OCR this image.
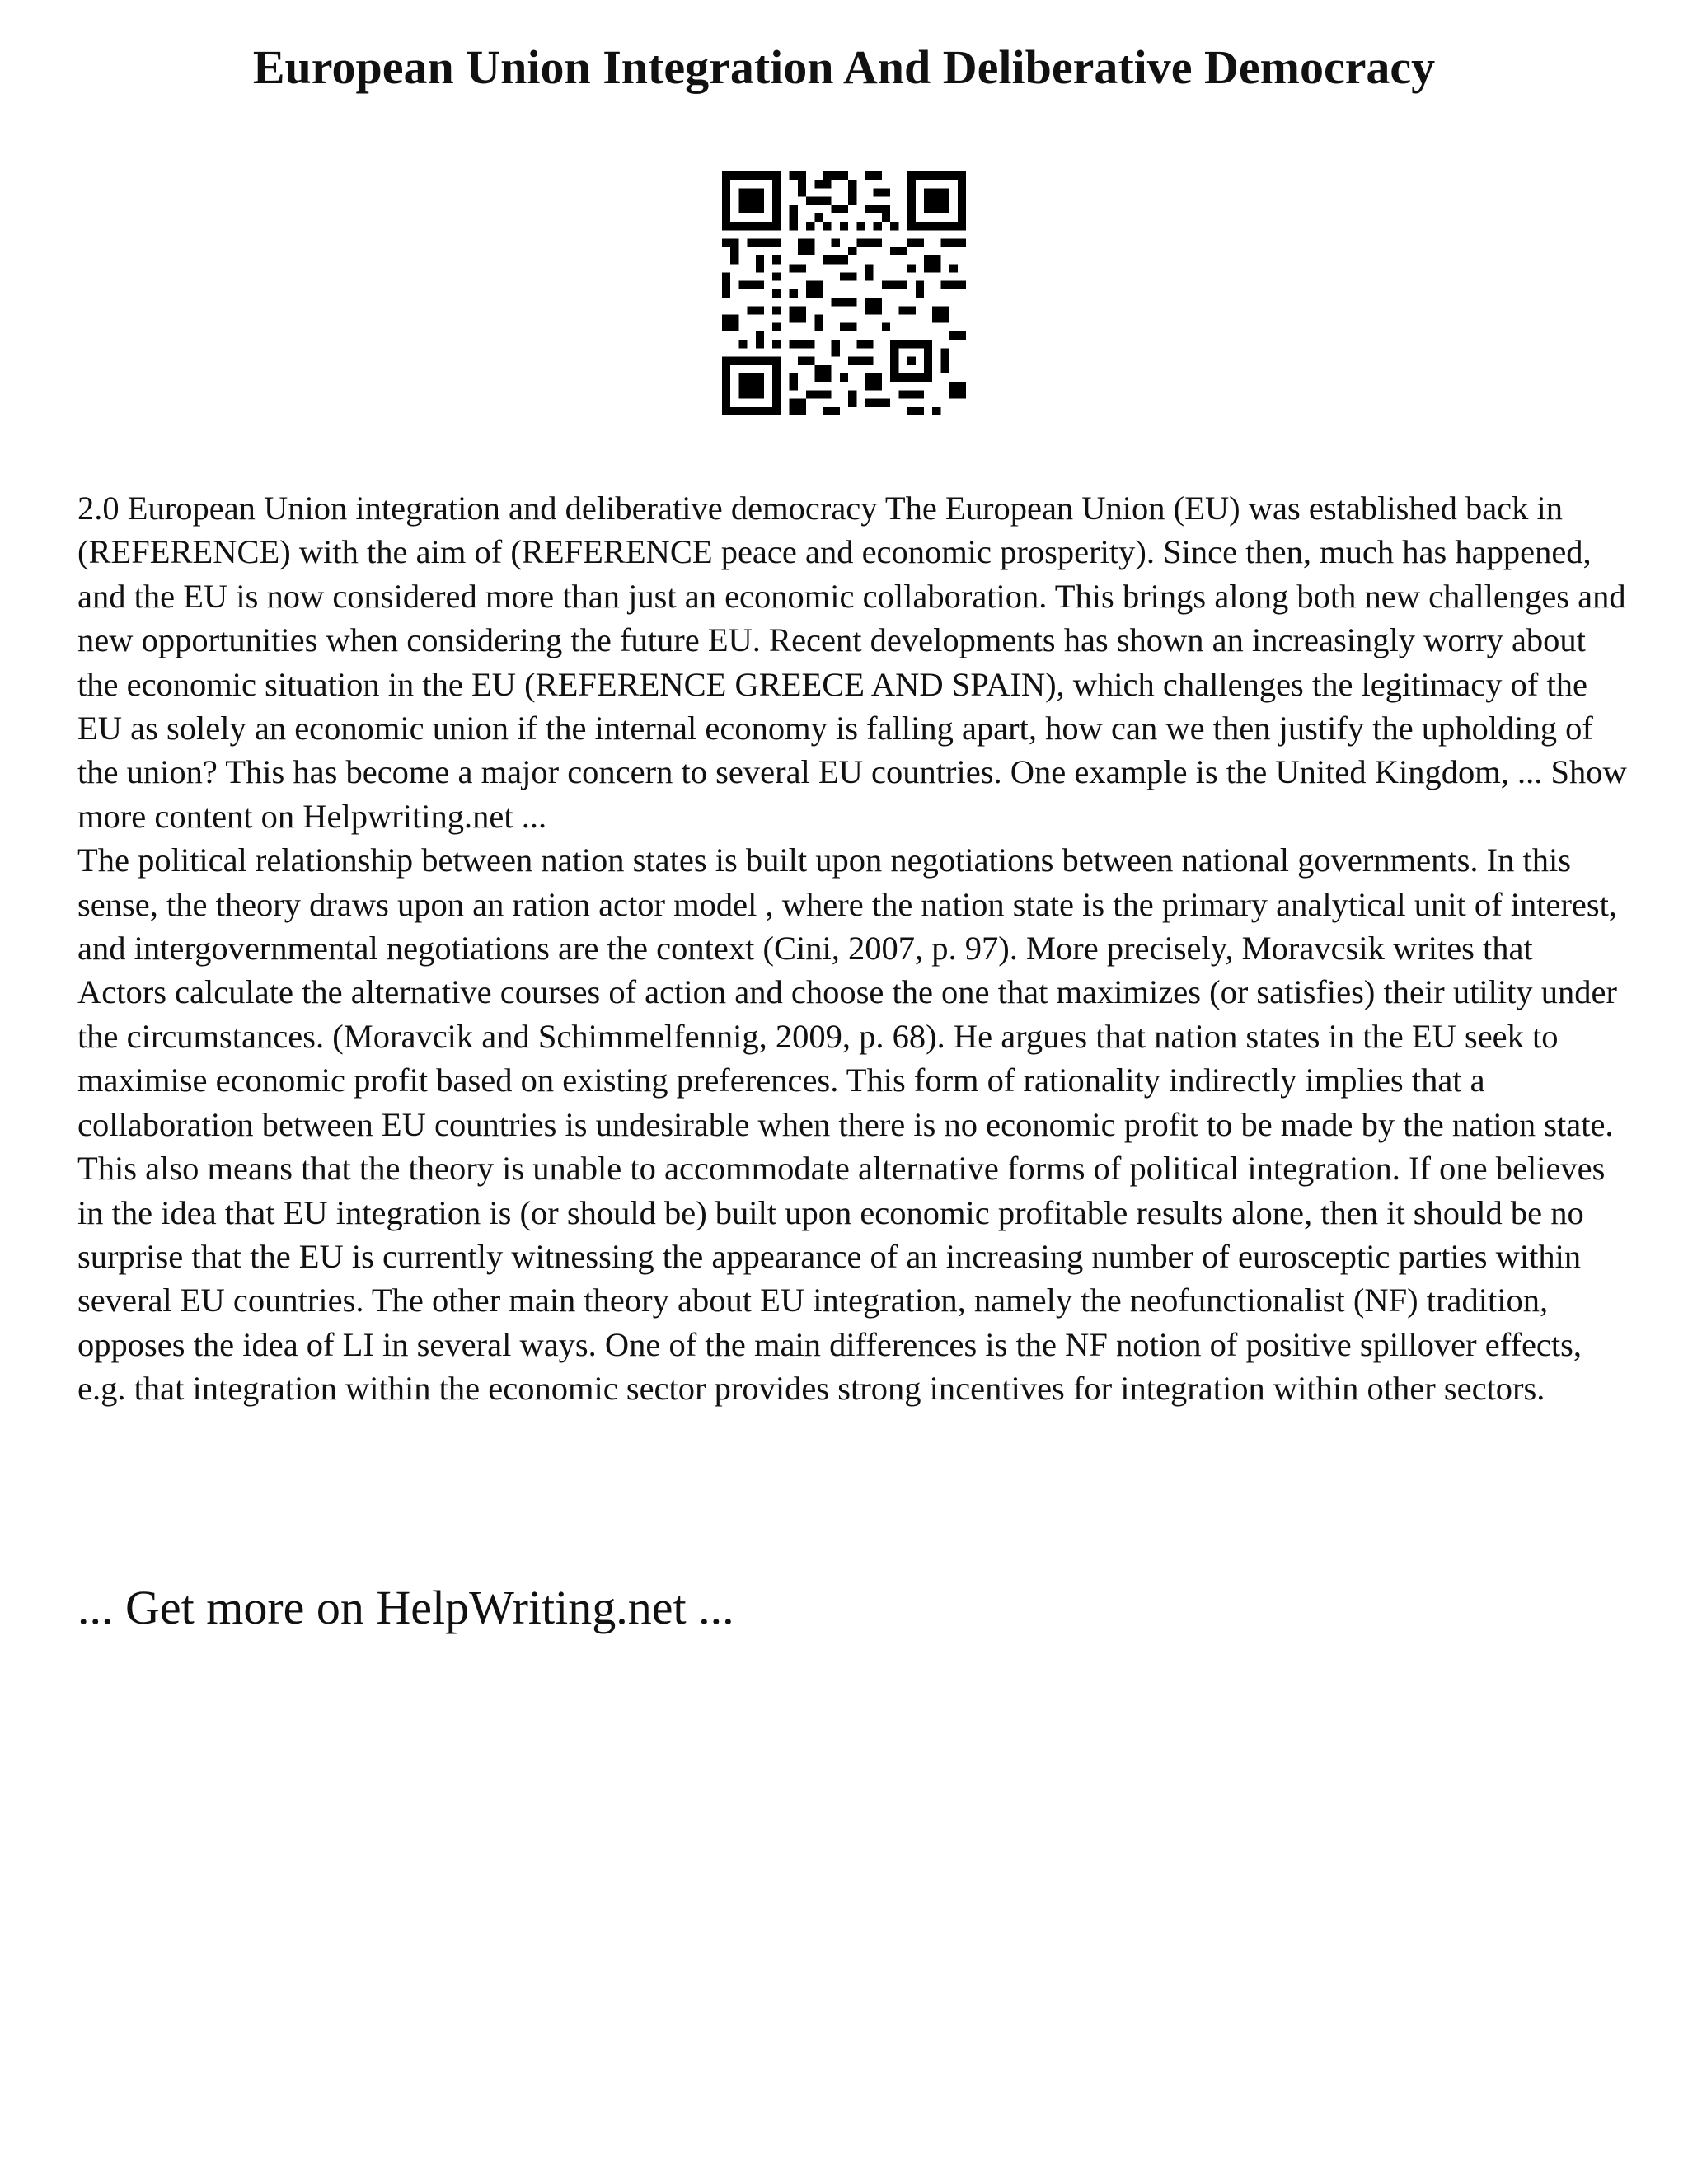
European Union Integration And Deliberative Democracy

2.0 European Union integration and deliberative democracy The European Union (EU) was established back in (REFERENCE) with the aim of (REFERENCE peace and economic prosperity). Since then, much has happened, and the EU is now considered more than just an economic collaboration. This brings along both new challenges and new opportunities when considering the future EU. Recent developments has shown an increasingly worry about the economic situation in the EU (REFERENCE GREECE AND SPAIN), which challenges the legitimacy of the EU as solely an economic union if the internal economy is falling apart, how can we then justify the upholding of the union? This has become a major concern to several EU countries. One example is the United Kingdom, ... Show more content on Helpwriting.net ...

The political relationship between nation states is built upon negotiations between national governments. In this sense, the theory draws upon an ration actor model , where the nation state is the primary analytical unit of interest, and intergovernmental negotiations are the context (Cini, 2007, p. 97). More precisely, Moravcsik writes that Actors calculate the alternative courses of action and choose the one that maximizes (or satisfies) their utility under the circumstances. (Moravcik and Schimmelfennig, 2009, p. 68). He argues that nation states in the EU seek to maximise economic profit based on existing preferences. This form of rationality indirectly implies that a collaboration between EU countries is undesirable when there is no economic profit to be made by the nation state. This also means that the theory is unable to accommodate alternative forms of political integration. If one believes in the idea that EU integration is (or should be) built upon economic profitable results alone, then it should be no surprise that the EU is currently witnessing the appearance of an increasing number of eurosceptic parties within several EU countries. The other main theory about EU integration, namely the neofunctionalist (NF) tradition, opposes the idea of LI in several ways. One of the main differences is the NF notion of positive spillover effects, e.g. that integration within the economic sector provides strong incentives for integration within other sectors.

... Get more on HelpWriting.net ...
